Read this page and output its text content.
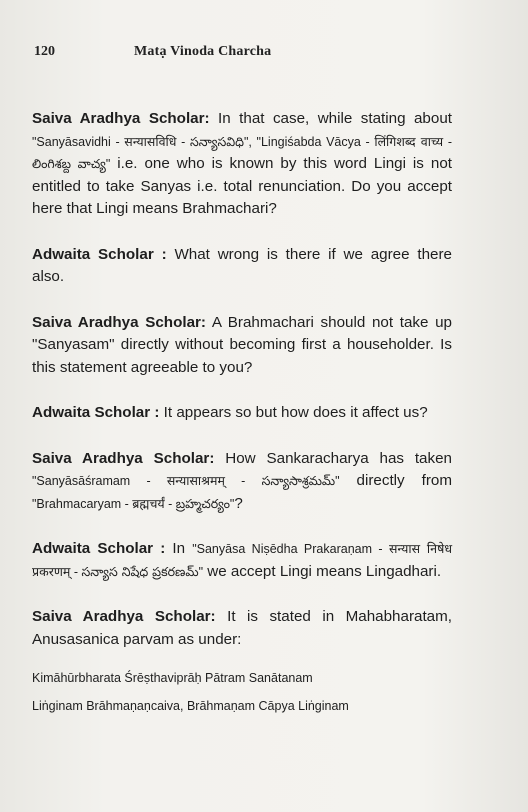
120	Matạ Vinoda Charcha

Saiva Aradhya Scholar: In that case, while stating about "Sanyāsavidhi - सन्यासविधि - సన్యాసవిధి", "Lingiśabda Vācya - लिंगिशब्द वाच्य - లింగిశబ్ద వాచ్య" i.e. one who is known by this word Lingi is not entitled to take Sanyas i.e. total renunciation. Do you accept here that Lingi means Brahmachari?

Adwaita Scholar : What wrong is there if we agree there also.

Saiva Aradhya Scholar: A Brahmachari should not take up "Sanyasam" directly without becoming first a householder. Is this statement agreeable to you?

Adwaita Scholar : It appears so but how does it affect us?

Saiva Aradhya Scholar: How Sankaracharya has taken "Sanyāsāśramam - सन्यासाश्रमम् - సన్యాసాశ్రమమ్" directly from "Brahmacaryam - ब्रह्मचर्यं - బ్రహ్మచర్యం"?

Adwaita Scholar : In "Sanyāsa Niṣēdha Prakaraṇam - सन्यास निषेध प्रकरणम् - సన్యాస నిషేధ ప్రకరణమ్" we accept Lingi means Lingadhari.

Saiva Aradhya Scholar: It is stated in Mahabharatam, Anusasanica parvam as under:

Kimāhūrbharata Śrēṣthaviprāḥ Pātram Sanātanam

Liṅginam Brāhmaṇaṇcaiva, Brāhmaṇam Cāpya Liṅginam
